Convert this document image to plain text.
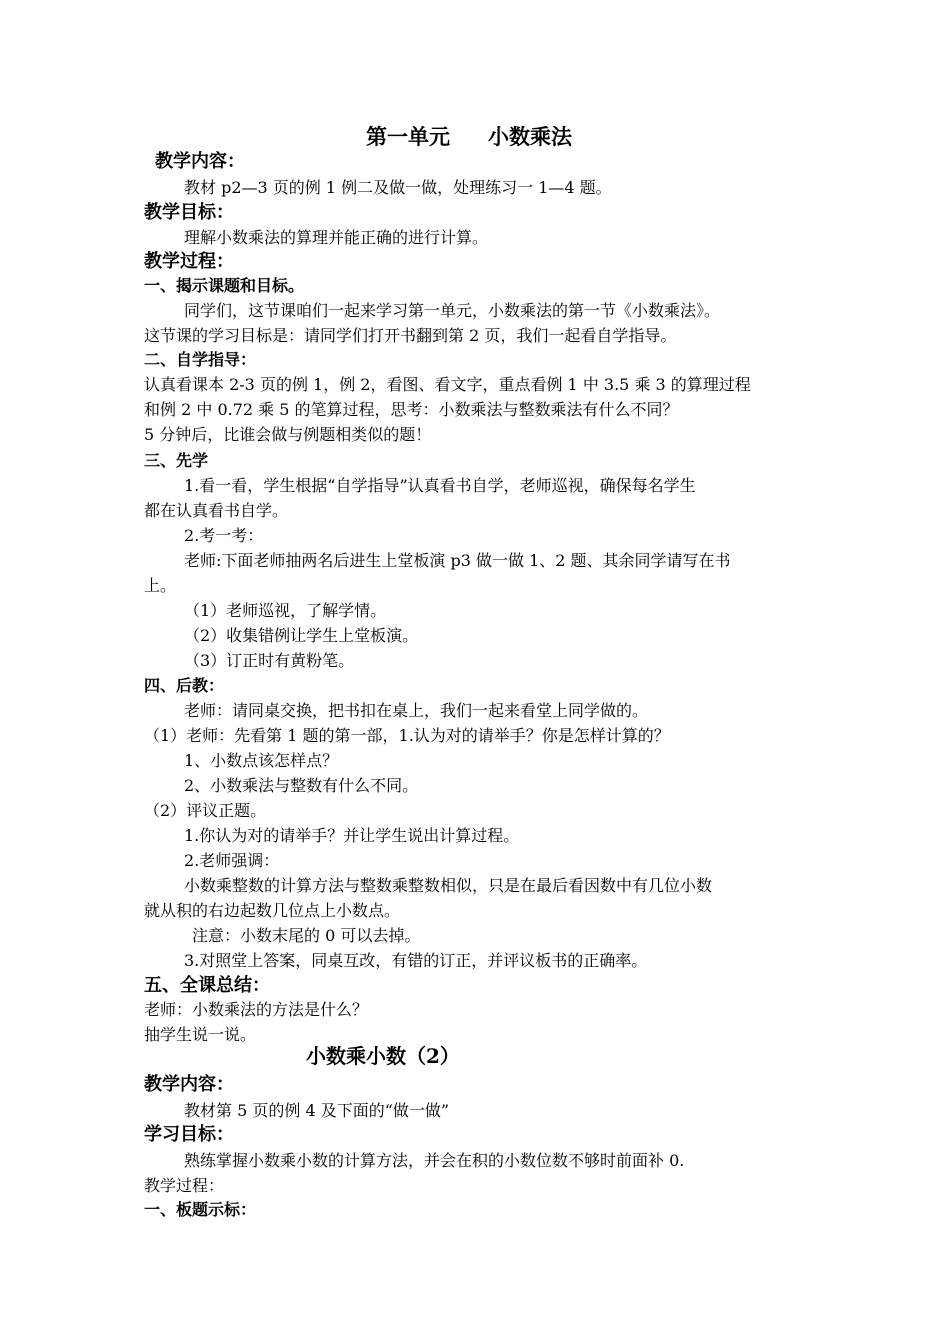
第一单元 小数乘法
教学内容：
教材 p2—3 页的例 1 例二及做一做，处理练习一 1—4 题。
教学目标：
理解小数乘法的算理并能正确的进行计算。
教学过程：
一、揭示课题和目标。
同学们，这节课咱们一起来学习第一单元，小数乘法的第一节《小数乘法》。
这节课的学习目标是：请同学们打开书翻到第 2 页，我们一起看自学指导。
二、自学指导：
认真看课本 2-3 页的例 1，例 2，看图、看文字，重点看例 1 中 3.5 乘 3 的算理过程
和例 2 中 0.72 乘 5 的笔算过程，思考：小数乘法与整数乘法有什么不同？
5 分钟后，比谁会做与例题相类似的题！
三、先学
1.看一看，学生根据“自学指导”认真看书自学，老师巡视，确保每名学生
都在认真看书自学。
2.考一考：
老师:下面老师抽两名后进生上堂板演 p3 做一做 1、2 题、其余同学请写在书
上。
（1）老师巡视，了解学情。
（2）收集错例让学生上堂板演。
（3）订正时有黄粉笔。
四、后教：
老师：请同桌交换，把书扣在桌上，我们一起来看堂上同学做的。
（1）老师：先看第 1 题的第一部，1.认为对的请举手？你是怎样计算的？
1、小数点该怎样点？
2、小数乘法与整数有什么不同。
（2）评议正题。
1.你认为对的请举手？并让学生说出计算过程。
2.老师强调：
小数乘整数的计算方法与整数乘整数相似，只是在最后看因数中有几位小数
就从积的右边起数几位点上小数点。
注意：小数末尾的 0 可以去掉。
3.对照堂上答案，同桌互改，有错的订正，并评议板书的正确率。
五、全课总结：
老师：小数乘法的方法是什么？
抽学生说一说。
小数乘小数（2）
教学内容：
教材第 5 页的例 4 及下面的“做一做”
学习目标：
熟练掌握小数乘小数的计算方法，并会在积的小数位数不够时前面补 0.
教学过程：
一、板题示标：
